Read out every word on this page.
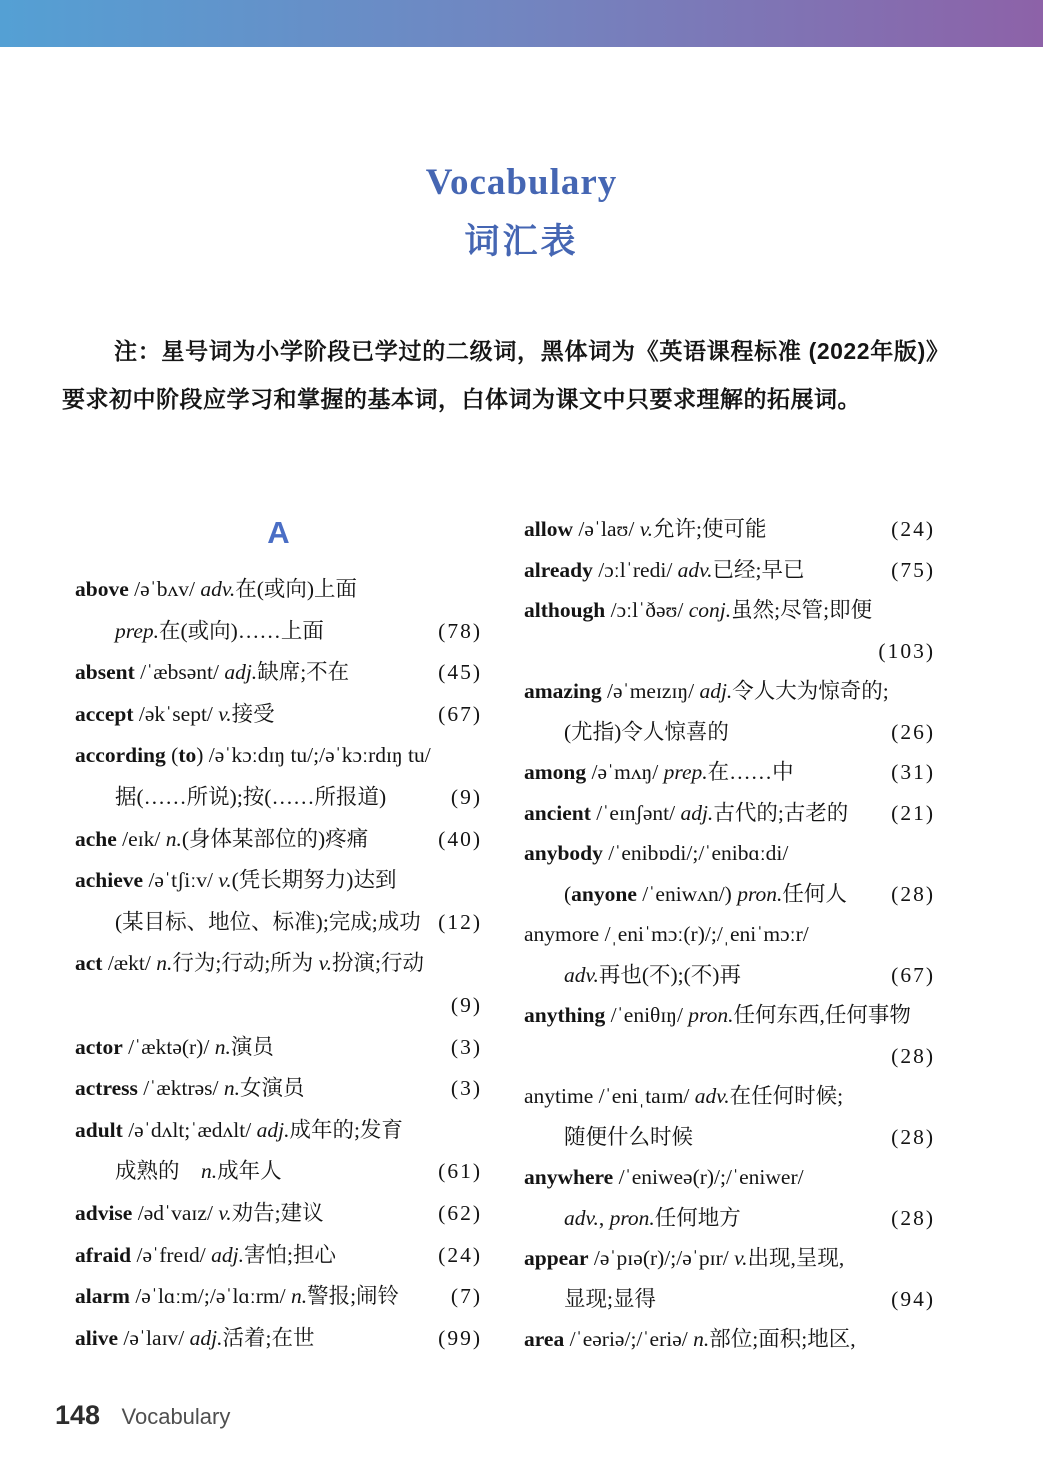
Vocabulary
词汇表
注：星号词为小学阶段已学过的二级词，黑体词为《英语课程标准 (2022年版)》要求初中阶段应学习和掌握的基本词，白体词为课文中只要求理解的拓展词。
A
above /əˈbʌv/ adv.在(或向)上面
prep.在(或向)……上面	(78)
absent /ˈæbsənt/ adj.缺席;不在	(45)
accept /əkˈsept/ v.接受	(67)
according (to) /əˈkɔːdɪŋ tu/;/əˈkɔːrdɪŋ tu/
据(……所说);按(……所报道)	(9)
ache /eɪk/ n.(身体某部位的)疼痛	(40)
achieve /əˈtʃiːv/ v.(凭长期努力)达到
(某目标、地位、标准);完成;成功 (12)
act /ækt/ n.行为;行动;所为 v.扮演;行动
(9)
actor /ˈæktə(r)/ n.演员	(3)
actress /ˈæktrəs/ n.女演员	(3)
adult /əˈdʌlt;ˈædʌlt/ adj.成年的;发育
成熟的　n.成年人	(61)
advise /ədˈvaɪz/ v.劝告;建议	(62)
afraid /əˈfreɪd/ adj.害怕;担心	(24)
alarm /əˈlɑːm/;/əˈlɑːrm/ n.警报;闹铃 (7)
alive /əˈlaɪv/ adj.活着;在世	(99)
allow /əˈlaʊ/ v.允许;使可能	(24)
already /ɔːlˈredi/ adv.已经;早已	(75)
although /ɔːlˈðəʊ/ conj.虽然;尽管;即便
(103)
amazing /əˈmeɪzɪŋ/ adj.令人大为惊奇的;
(尤指)令人惊喜的	(26)
among /əˈmʌŋ/ prep.在……中	(31)
ancient /ˈeɪnʃənt/ adj.古代的;古老的 (21)
anybody /ˈenibɒdi/;/ˈenibɑːdi/
(anyone /ˈeniwʌn/) pron.任何人 (28)
anymore /ˌeniˈmɔː(r)/;/ˌeniˈmɔːr/
adv.再也(不);(不)再	(67)
anything /ˈeniθɪŋ/ pron.任何东西,任何事物
(28)
anytime /ˈeniˌtaɪm/ adv.在任何时候;
随便什么时候	(28)
anywhere /ˈeniweə(r)/;/ˈeniwer/
adv., pron.任何地方	(28)
appear /əˈpɪə(r)/;/əˈpɪr/ v.出现,呈现,
显现;显得	(94)
area /ˈeəriə/;/ˈeriə/ n.部位;面积;地区,
148 Vocabulary
